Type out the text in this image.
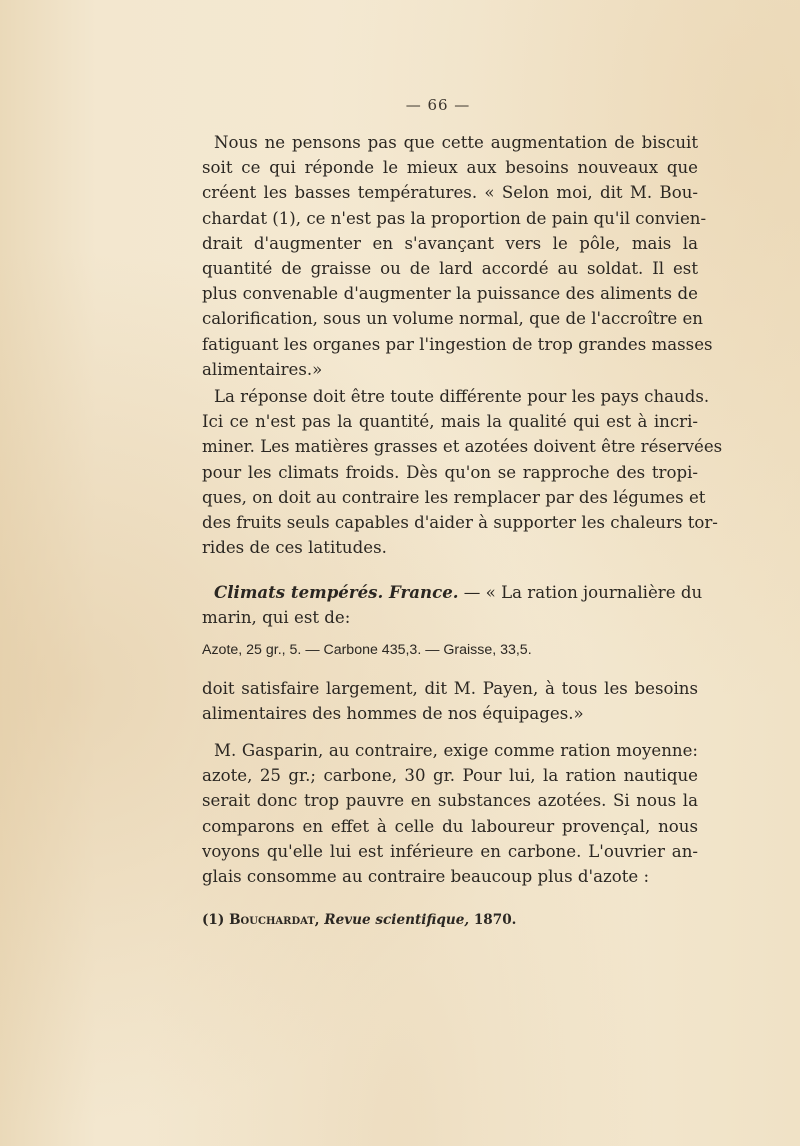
— 66 —
Nous ne pensons pas que cette augmentation de biscuit
soit ce qui réponde le mieux aux besoins nouveaux que
créent les basses températures. « Selon moi, dit M. Bou-
chardat (1), ce n'est pas la proportion de pain qu'il convien-
drait d'augmenter en s'avançant vers le pôle, mais la
quantité de graisse ou de lard accordé au soldat. Il est
plus convenable d'augmenter la puissance des aliments de
calorification, sous un volume normal, que de l'accroître en
fatiguant les organes par l'ingestion de trop grandes masses
alimentaires.»
La réponse doit être toute différente pour les pays chauds.
Ici ce n'est pas la quantité, mais la qualité qui est à incri-
miner. Les matières grasses et azotées doivent être réservées
pour les climats froids. Dès qu'on se rapproche des tropi-
ques, on doit au contraire les remplacer par des légumes et
des fruits seuls capables d'aider à supporter les chaleurs tor-
rides de ces latitudes.
Climats tempérés. France. — « La ration journalière du
marin, qui est de:
Azote, 25 gr., 5. — Carbone 435,3. — Graisse, 33,5.
doit satisfaire largement, dit M. Payen, à tous les besoins
alimentaires des hommes de nos équipages.»
M. Gasparin, au contraire, exige comme ration moyenne:
azote, 25 gr.; carbone, 30 gr. Pour lui, la ration nautique
serait donc trop pauvre en substances azotées. Si nous la
comparons en effet à celle du laboureur provençal, nous
voyons qu'elle lui est inférieure en carbone. L'ouvrier an-
glais consomme au contraire beaucoup plus d'azote :
(1) Bouchardat, Revue scientifique, 1870.
